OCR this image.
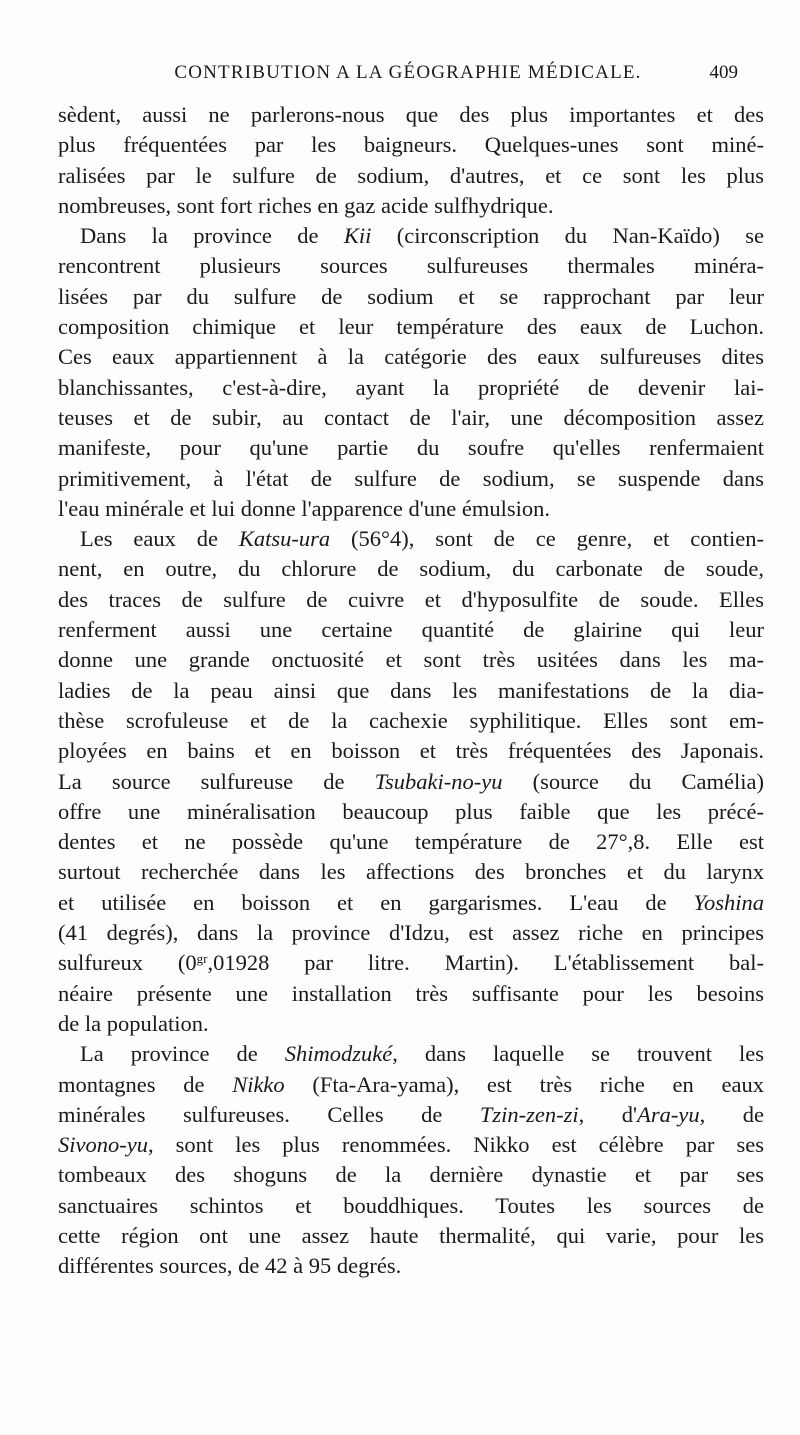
CONTRIBUTION A LA GÉOGRAPHIE MÉDICALE.	409
sèdent, aussi ne parlerons-nous que des plus importantes et des
plus fréquentées par les baigneurs. Quelques-unes sont miné-
ralisées par le sulfure de sodium, d'autres, et ce sont les plus
nombreuses, sont fort riches en gaz acide sulfhydrique.
Dans la province de Kii (circonscription du Nan-Kaïdo) se
rencontrent plusieurs sources sulfureuses thermales minéra-
lisées par du sulfure de sodium et se rapprochant par leur
composition chimique et leur température des eaux de Luchon.
Ces eaux appartiennent à la catégorie des eaux sulfureuses dites
blanchissantes, c'est-à-dire, ayant la propriété de devenir lai-
teuses et de subir, au contact de l'air, une décomposition assez
manifeste, pour qu'une partie du soufre qu'elles renfermaient
primitivement, à l'état de sulfure de sodium, se suspende dans
l'eau minérale et lui donne l'apparence d'une émulsion.
Les eaux de Katsu-ura (56°4), sont de ce genre, et contien-
nent, en outre, du chlorure de sodium, du carbonate de soude,
des traces de sulfure de cuivre et d'hyposulfite de soude. Elles
renferment aussi une certaine quantité de glairine qui leur
donne une grande onctuosité et sont très usitées dans les ma-
ladies de la peau ainsi que dans les manifestations de la dia-
thèse scrofuleuse et de la cachexie syphilitique. Elles sont em-
ployées en bains et en boisson et très fréquentées des Japonais.
La source sulfureuse de Tsubaki-no-yu (source du Camélia)
offre une minéralisation beaucoup plus faible que les précé-
dentes et ne possède qu'une température de 27°,8. Elle est
surtout recherchée dans les affections des bronches et du larynx
et utilisée en boisson et en gargarismes. L'eau de Yoshina
(41 degrés), dans la province d'Idzu, est assez riche en principes
sulfureux ($0^{gr},01928$ par litre. Martin). L'établissement bal-
néaire présente une installation très suffisante pour les besoins
de la population.
La province de Shimodzuké, dans laquelle se trouvent les
montagnes de Nikko (Fta-Ara-yama), est très riche en eaux
minérales sulfureuses. Celles de Tzin-zen-zi, d'Ara-yu, de
Sivono-yu, sont les plus renommées. Nikko est célèbre par ses
tombeaux des shoguns de la dernière dynastie et par ses
sanctuaires schintos et bouddhiques. Toutes les sources de
cette région ont une assez haute thermalité, qui varie, pour les
différentes sources, de 42 à 95 degrés.
